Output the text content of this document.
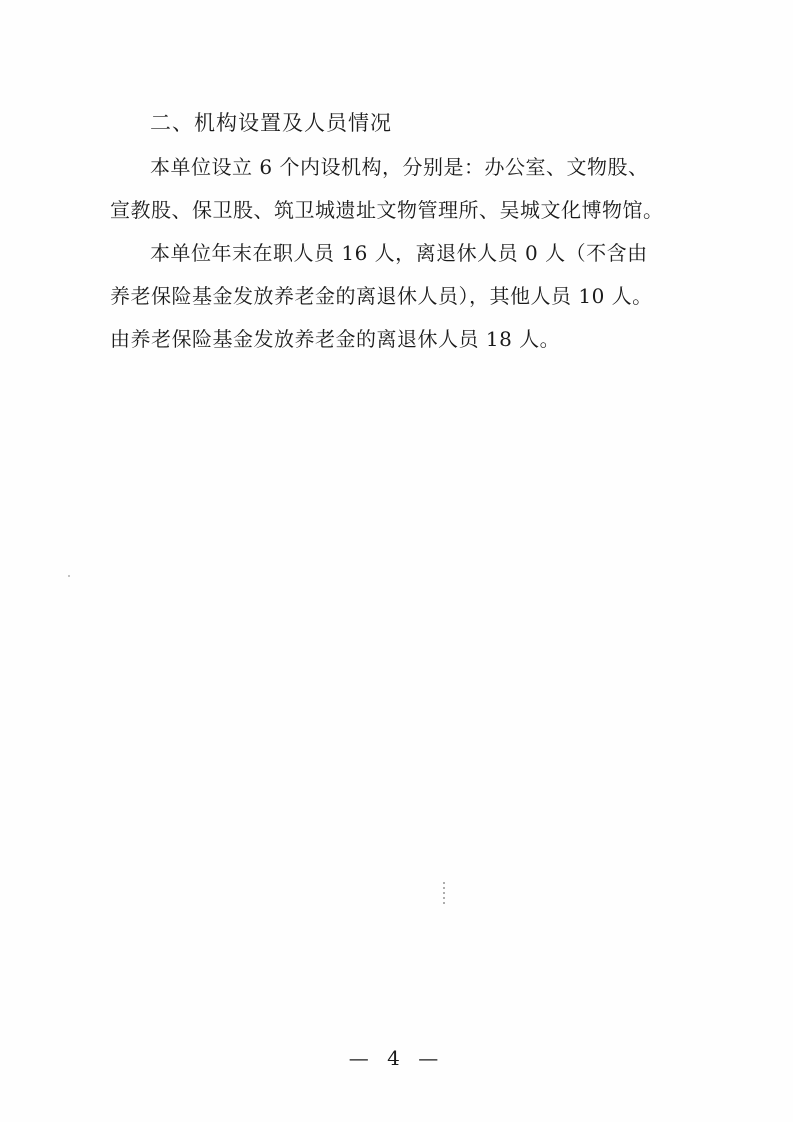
二、机构设置及人员情况
本单位设立 6 个内设机构，分别是：办公室、文物股、
宣教股、保卫股、筑卫城遗址文物管理所、吴城文化博物馆。
本单位年末在职人员 16 人，离退休人员 0 人（不含由
养老保险基金发放养老金的离退休人员），其他人员 10 人。
由养老保险基金发放养老金的离退休人员 18 人。
— 4 —
